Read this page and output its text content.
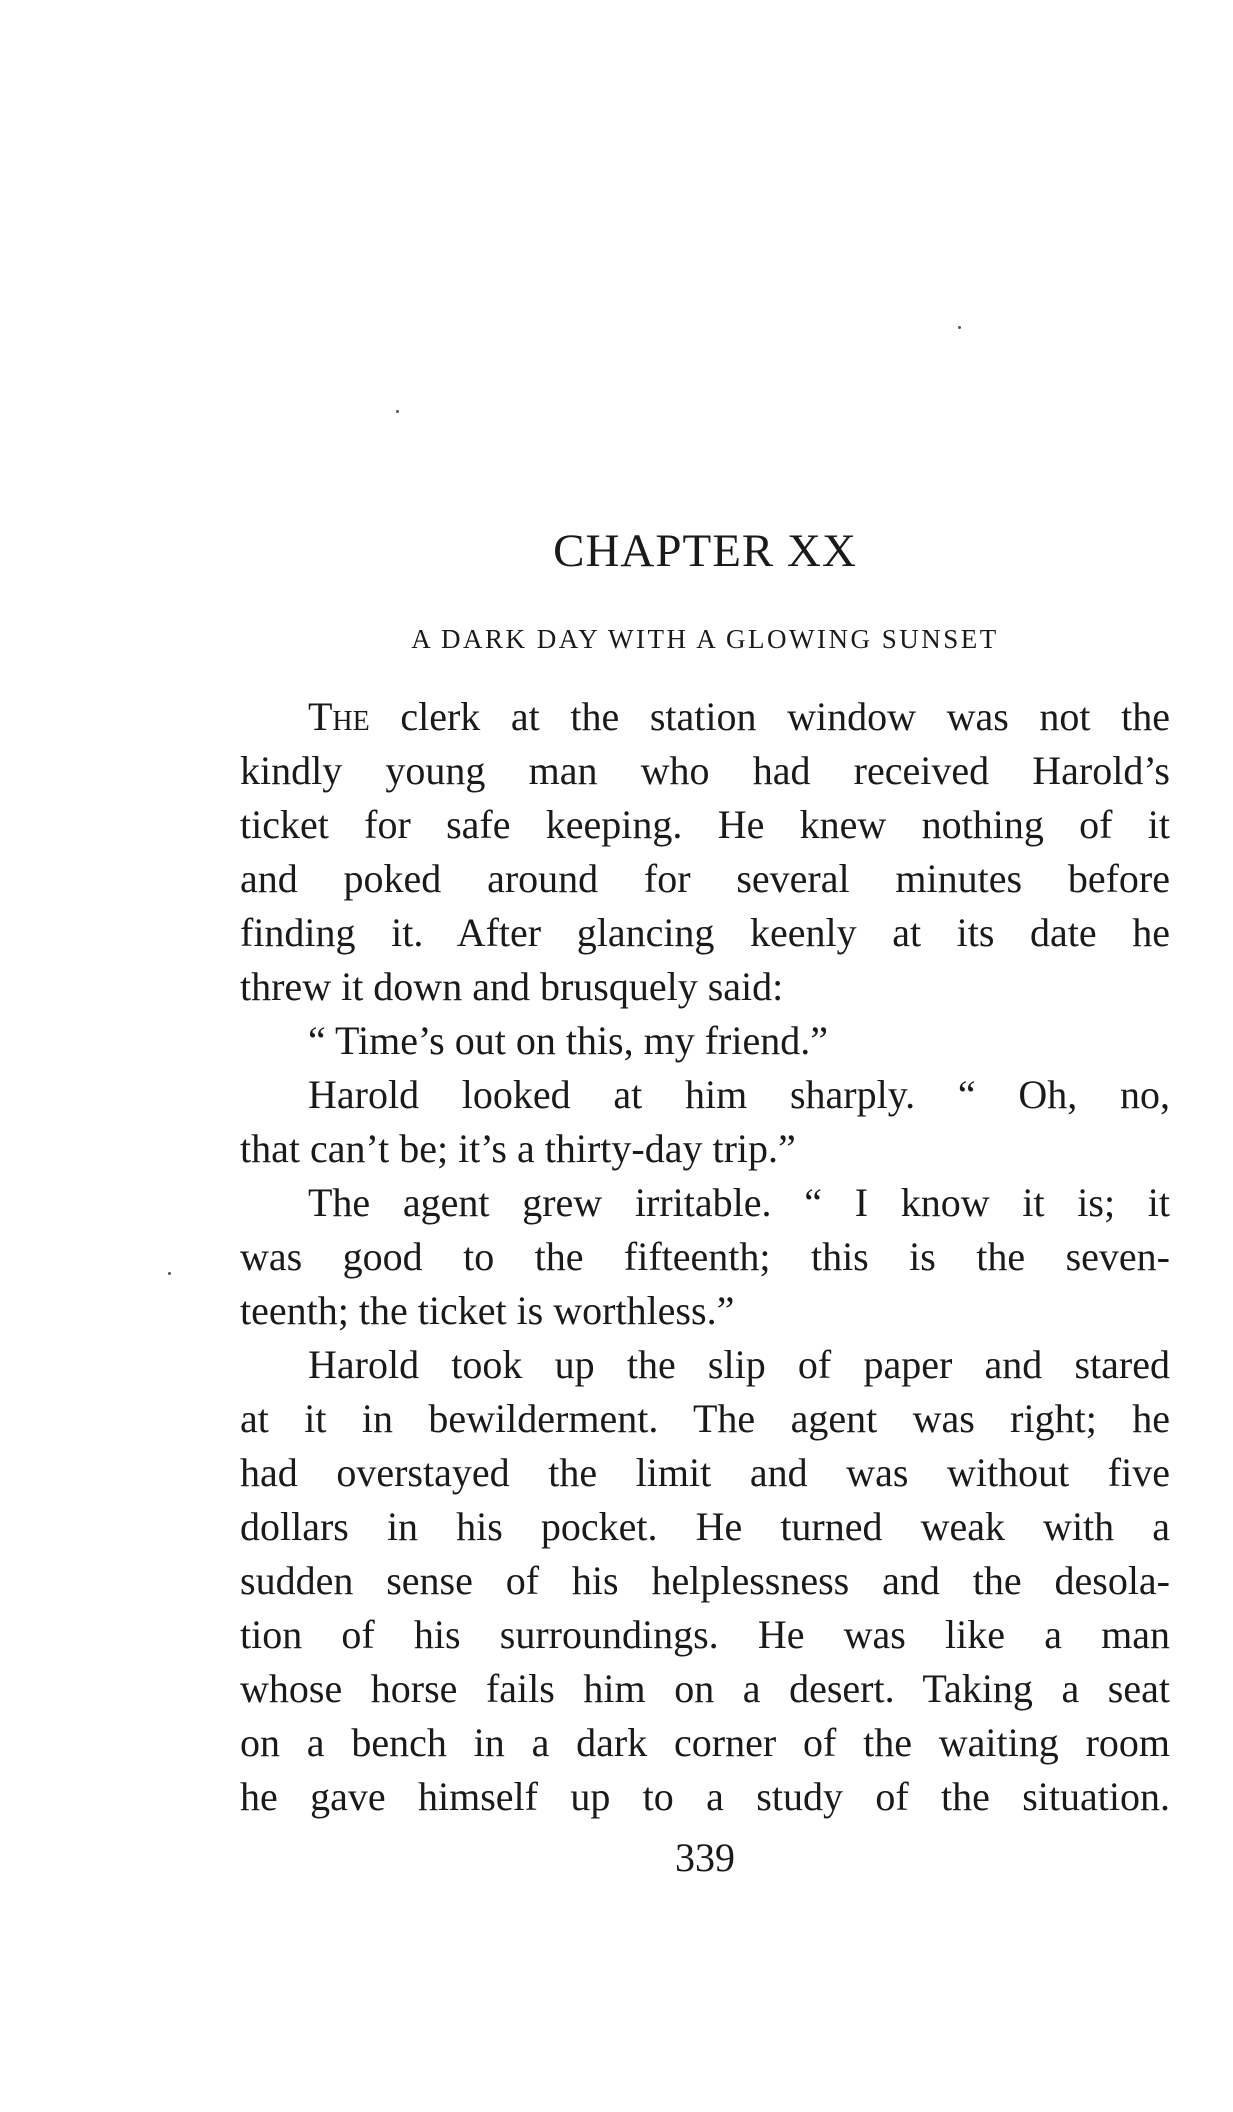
CHAPTER XX
A DARK DAY WITH A GLOWING SUNSET
The clerk at the station window was not the
kindly young man who had received Harold’s
ticket for safe keeping. He knew nothing of it
and poked around for several minutes before
finding it. After glancing keenly at its date he
threw it down and brusquely said:
“ Time’s out on this, my friend.”
Harold looked at him sharply. “ Oh, no,
that can’t be; it’s a thirty-day trip.”
The agent grew irritable. “ I know it is; it
was good to the fifteenth; this is the seven-
teenth; the ticket is worthless.”
Harold took up the slip of paper and stared
at it in bewilderment. The agent was right; he
had overstayed the limit and was without five
dollars in his pocket. He turned weak with a
sudden sense of his helplessness and the desola-
tion of his surroundings. He was like a man
whose horse fails him on a desert. Taking a seat
on a bench in a dark corner of the waiting room
he gave himself up to a study of the situation.
339
